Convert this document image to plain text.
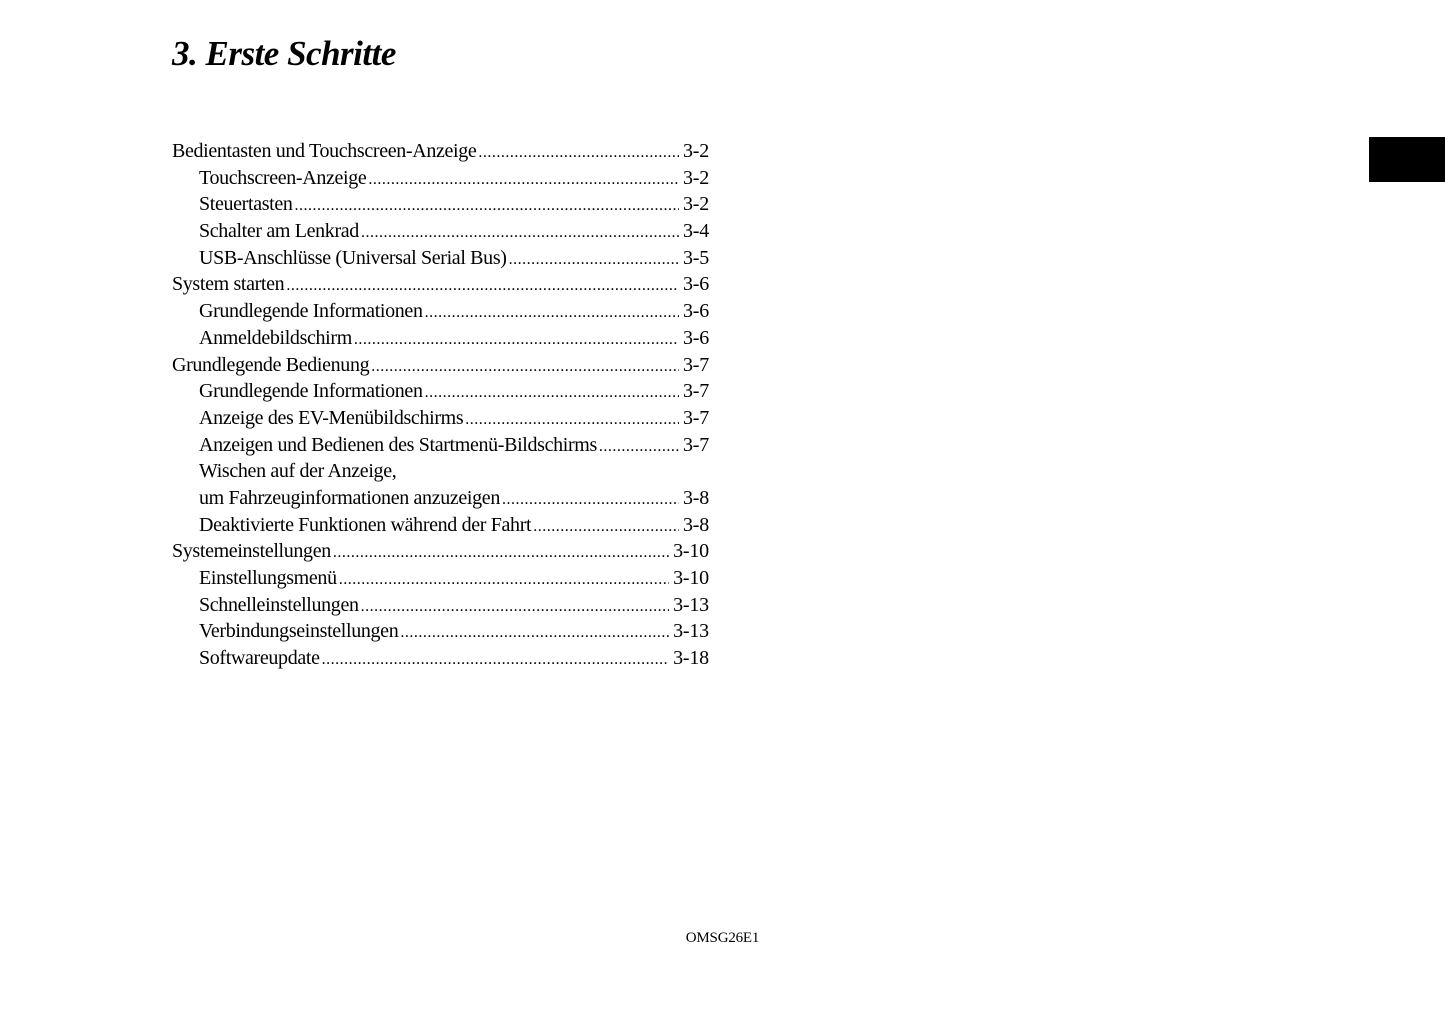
3. Erste Schritte
Bedientasten und Touchscreen-Anzeige .....	3-2
Touchscreen-Anzeige .....	3-2
Steuertasten .....	3-2
Schalter am Lenkrad .....	3-4
USB-Anschlüsse (Universal Serial Bus) .....	3-5
System starten .....	3-6
Grundlegende Informationen .....	3-6
Anmeldebildschirm .....	3-6
Grundlegende Bedienung .....	3-7
Grundlegende Informationen .....	3-7
Anzeige des EV-Menübildschirms .....	3-7
Anzeigen und Bedienen des Startmenü-Bildschirms .....	3-7
Wischen auf der Anzeige,
um Fahrzeuginformationen anzuzeigen .....	3-8
Deaktivierte Funktionen während der Fahrt .....	3-8
Systemeinstellungen .....	3-10
Einstellungsmenü .....	3-10
Schnelleinstellungen .....	3-13
Verbindungseinstellungen .....	3-13
Softwareupdate .....	3-18
OMSG26E1
